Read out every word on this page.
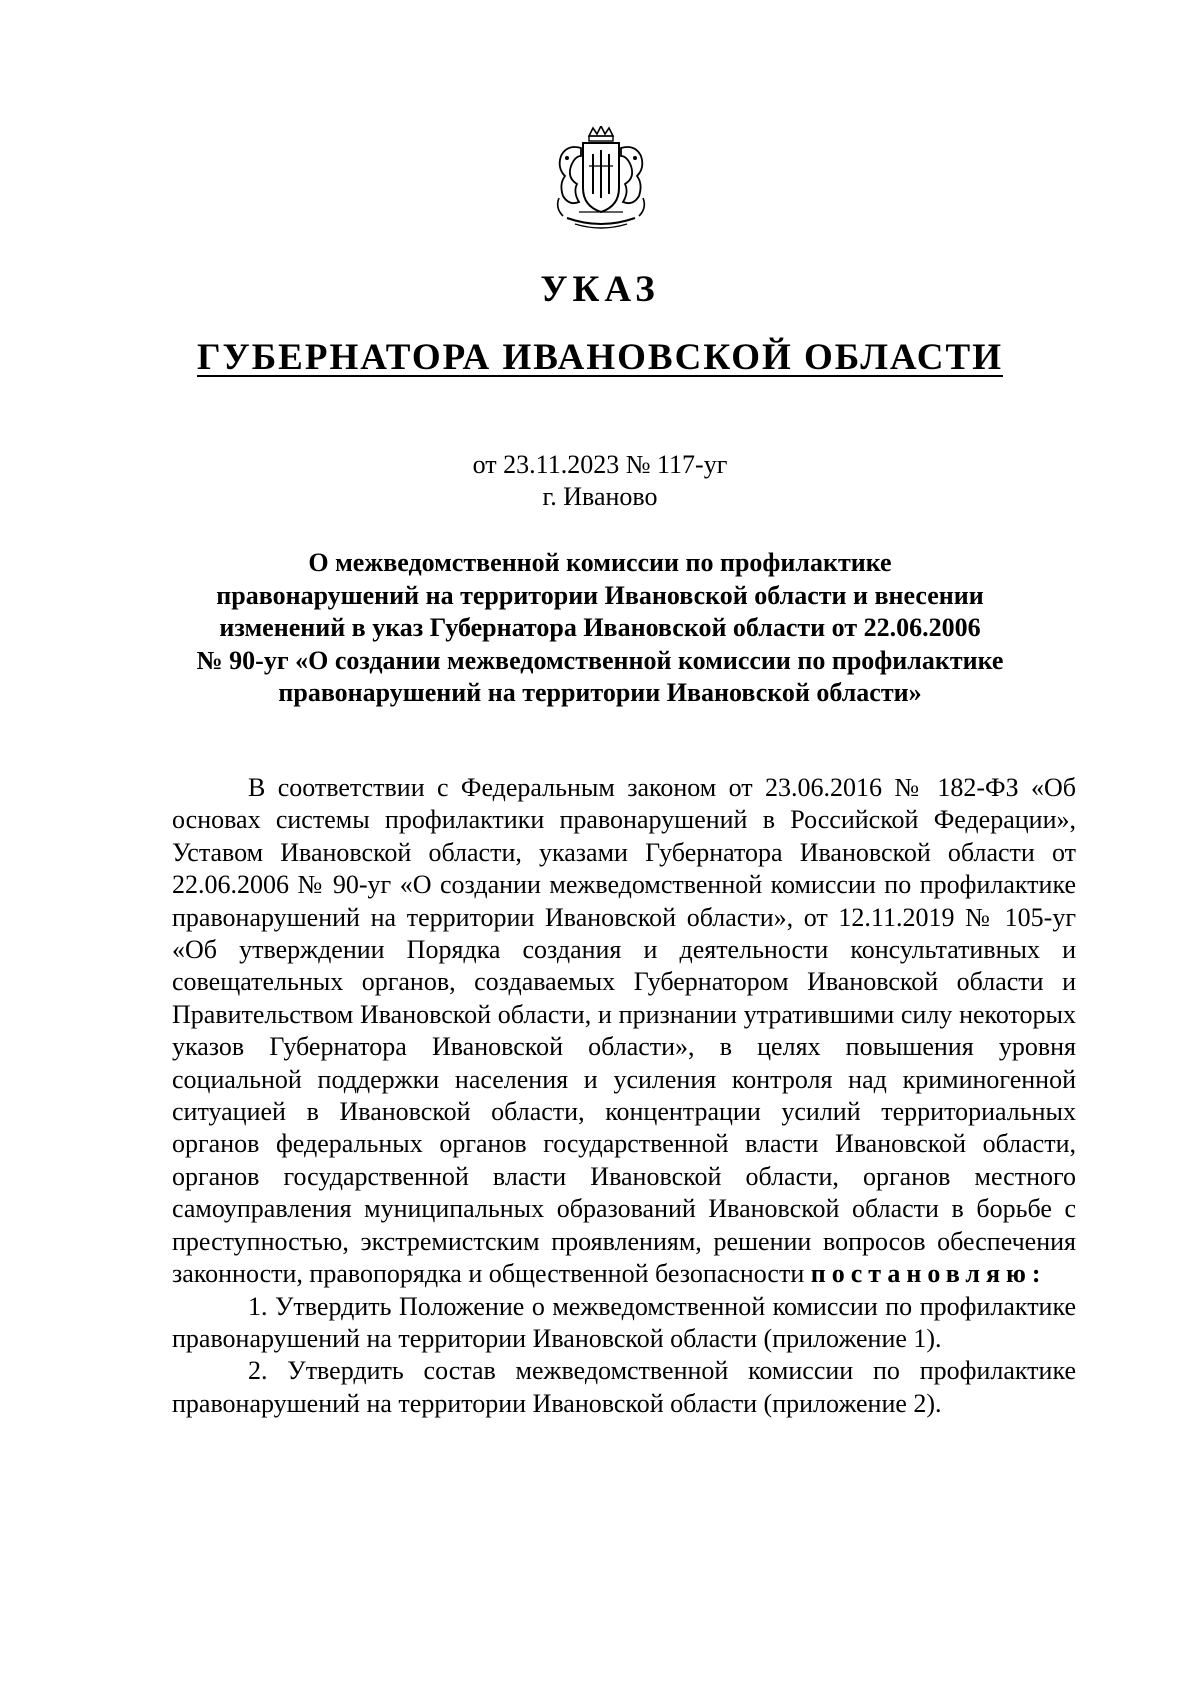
УКАЗ
ГУБЕРНАТОРА ИВАНОВСКОЙ ОБЛАСТИ
от 23.11.2023 № 117-уг
г. Иваново
О межведомственной комиссии по профилактике
правонарушений на территории Ивановской области и внесении
изменений в указ Губернатора Ивановской области от 22.06.2006
№ 90-уг «О создании межведомственной комиссии по профилактике
правонарушений на территории Ивановской области»

В соответствии с Федеральным законом от 23.06.2016 № 182-ФЗ «Об основах системы профилактики правонарушений в Российской Федерации», Уставом Ивановской области, указами Губернатора Ивановской области от 22.06.2006 № 90-уг «О создании межведомственной комиссии по профилактике правонарушений на территории Ивановской области», от 12.11.2019 № 105-уг «Об утверждении Порядка создания и деятельности консультативных и совещательных органов, создаваемых Губернатором Ивановской области и Правительством Ивановской области, и признании утратившими силу некоторых указов Губернатора Ивановской области», в целях повышения уровня социальной поддержки населения и усиления контроля над криминогенной ситуацией в Ивановской области, концентрации усилий территориальных органов федеральных органов государственной власти Ивановской области, органов государственной власти Ивановской области, органов местного самоуправления муниципальных образований Ивановской области в борьбе с преступностью, экстремистским проявлениям, решении вопросов обеспечения законности, правопорядка и общественной безопасности постановляю:

1. Утвердить Положение о межведомственной комиссии по профилактике правонарушений на территории Ивановской области (приложение 1).

2. Утвердить состав межведомственной комиссии по профилактике правонарушений на территории Ивановской области (приложение 2).
